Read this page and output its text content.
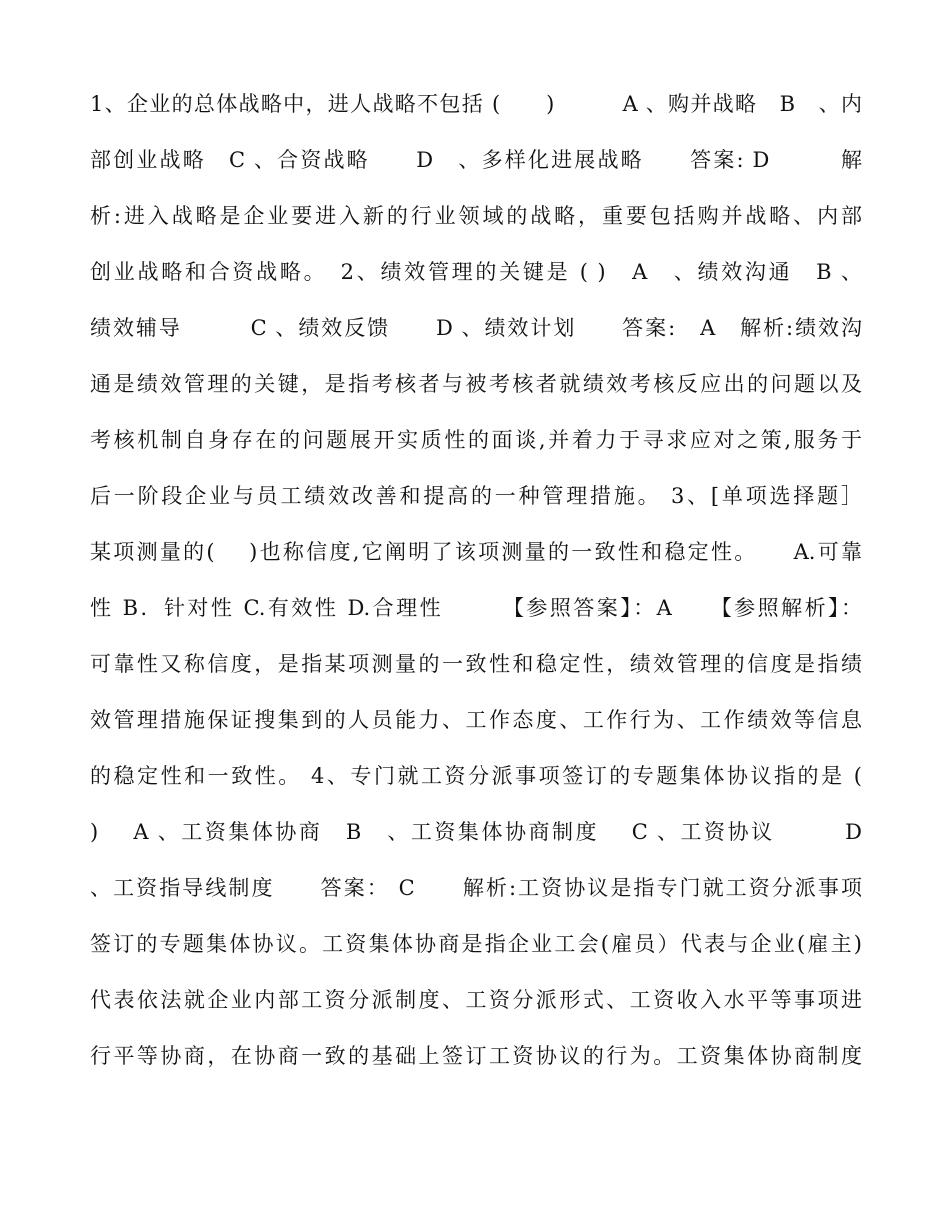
1、企业的总体战略中，进人战略不包括 (　　)　　　A 、购并战略　B　、内
部创业战略　C 、合资战略　　D　、多样化进展战略　　答案: D　　　解
析:进入战略是企业要进入新的行业领域的战略，重要包括购并战略、内部
创业战略和合资战略。　2、绩效管理的关键是 ( )　A　、绩效沟通　B 、
绩效辅导　　　C 、绩效反馈　　D 、绩效计划　　答案:　A　解析:绩效沟
通是绩效管理的关键，是指考核者与被考核者就绩效考核反应出的问题以及
考核机制自身存在的问题展开实质性的面谈,并着力于寻求应对之策,服务于
后一阶段企业与员工绩效改善和提高的一种管理措施。 3、[单项选择题］
某项测量的(　 )也称信度,它阐明了该项测量的一致性和稳定性。　　A.可靠
性 B．针对性 C.有效性 D.合理性　　　【参照答案】：A　　【参照解析】：
可靠性又称信度，是指某项测量的一致性和稳定性，绩效管理的信度是指绩
效管理措施保证搜集到的人员能力、工作态度、工作行为、工作绩效等信息
的稳定性和一致性。 4、专门就工资分派事项签订的专题集体协议指的是 (
)　 A 、工资集体协商　B　、工资集体协商制度　 C 、工资协议　　　D
、工资指导线制度　　答案： C　　解析:工资协议是指专门就工资分派事项
签订的专题集体协议。工资集体协商是指企业工会(雇员）代表与企业(雇主)
代表依法就企业内部工资分派制度、工资分派形式、工资收入水平等事项进
行平等协商，在协商一致的基础上签订工资协议的行为。工资集体协商制度
